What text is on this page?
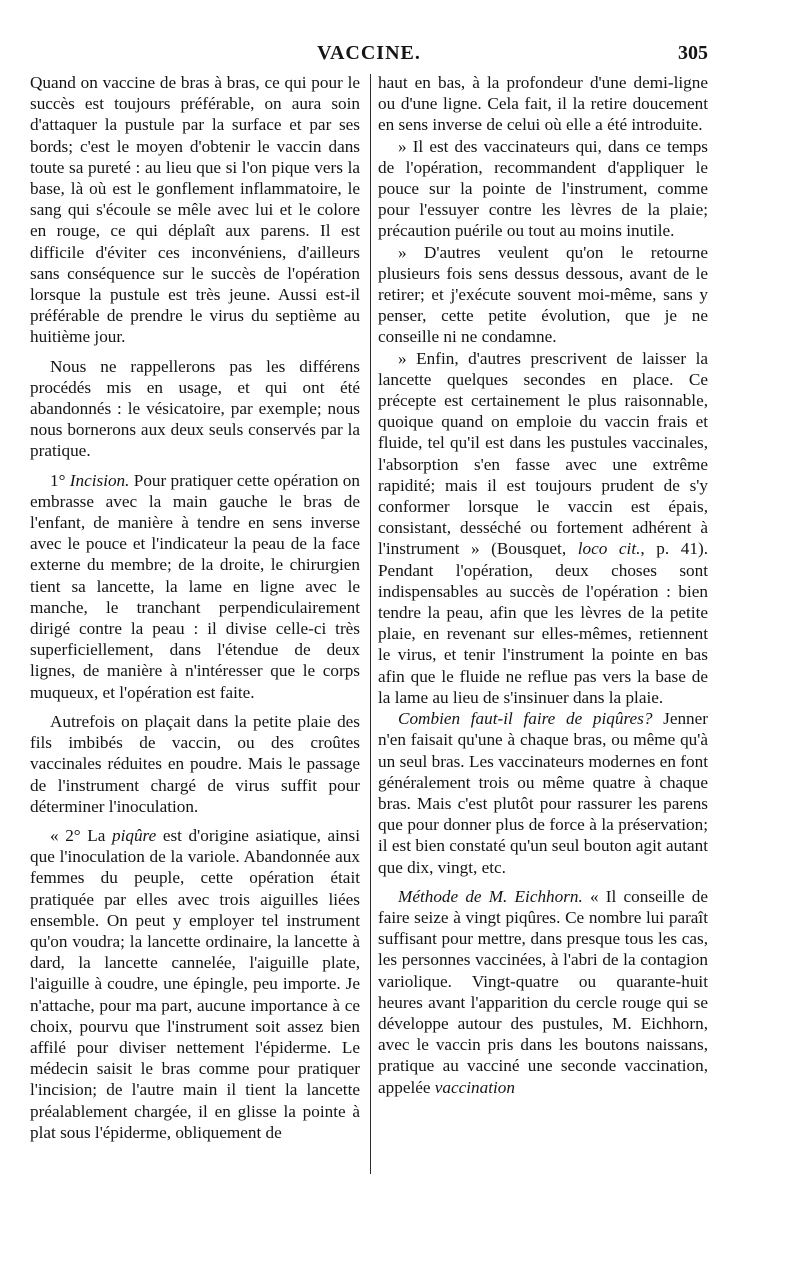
VACCINE.	305

Quand on vaccine de bras à bras, ce qui pour le succès est toujours préférable, on aura soin d'attaquer la pustule par la surface et par ses bords; c'est le moyen d'obtenir le vaccin dans toute sa pureté : au lieu que si l'on pique vers la base, là où est le gonflement inflammatoire, le sang qui s'écoule se mêle avec lui et le colore en rouge, ce qui déplaît aux parens. Il est difficile d'éviter ces inconvéniens, d'ailleurs sans conséquence sur le succès de l'opération lorsque la pustule est très jeune. Aussi est-il préférable de prendre le virus du septième au huitième jour.

Nous ne rappellerons pas les différens procédés mis en usage, et qui ont été abandonnés : le vésicatoire, par exemple; nous nous bornerons aux deux seuls conservés par la pratique.

1° Incision. Pour pratiquer cette opération on embrasse avec la main gauche le bras de l'enfant, de manière à tendre en sens inverse avec le pouce et l'indicateur la peau de la face externe du membre; de la droite, le chirurgien tient sa lancette, la lame en ligne avec le manche, le tranchant perpendiculairement dirigé contre la peau : il divise celle-ci très superficiellement, dans l'étendue de deux lignes, de manière à n'intéresser que le corps muqueux, et l'opération est faite.

Autrefois on plaçait dans la petite plaie des fils imbibés de vaccin, ou des croûtes vaccinales réduites en poudre. Mais le passage de l'instrument chargé de virus suffit pour déterminer l'inoculation.

« 2° La piqûre est d'origine asiatique, ainsi que l'inoculation de la variole. Abandonnée aux femmes du peuple, cette opération était pratiquée par elles avec trois aiguilles liées ensemble. On peut y employer tel instrument qu'on voudra; la lancette ordinaire, la lancette à dard, la lancette cannelée, l'aiguille plate, l'aiguille à coudre, une épingle, peu importe. Je n'attache, pour ma part, aucune importance à ce choix, pourvu que l'instrument soit assez bien affilé pour diviser nettement l'épiderme. Le médecin saisit le bras comme pour pratiquer l'incision; de l'autre main il tient la lancette préalablement chargée, il en glisse la pointe à plat sous l'épiderme, obliquement de

haut en bas, à la profondeur d'une demi-ligne ou d'une ligne. Cela fait, il la retire doucement en sens inverse de celui où elle a été introduite.

» Il est des vaccinateurs qui, dans ce temps de l'opération, recommandent d'appliquer le pouce sur la pointe de l'instrument, comme pour l'essuyer contre les lèvres de la plaie; précaution puérile ou tout au moins inutile.

» D'autres veulent qu'on le retourne plusieurs fois sens dessus dessous, avant de le retirer; et j'exécute souvent moi-même, sans y penser, cette petite évolution, que je ne conseille ni ne condamne.

» Enfin, d'autres prescrivent de laisser la lancette quelques secondes en place. Ce précepte est certainement le plus raisonnable, quoique quand on emploie du vaccin frais et fluide, tel qu'il est dans les pustules vaccinales, l'absorption s'en fasse avec une extrême rapidité; mais il est toujours prudent de s'y conformer lorsque le vaccin est épais, consistant, desséché ou fortement adhérent à l'instrument » (Bousquet, loco cit., p. 41). Pendant l'opération, deux choses sont indispensables au succès de l'opération : bien tendre la peau, afin que les lèvres de la petite plaie, en revenant sur elles-mêmes, retiennent le virus, et tenir l'instrument la pointe en bas afin que le fluide ne reflue pas vers la base de la lame au lieu de s'insinuer dans la plaie.

Combien faut-il faire de piqûres? Jenner n'en faisait qu'une à chaque bras, ou même qu'à un seul bras. Les vaccinateurs modernes en font généralement trois ou même quatre à chaque bras. Mais c'est plutôt pour rassurer les parens que pour donner plus de force à la préservation; il est bien constaté qu'un seul bouton agit autant que dix, vingt, etc.

Méthode de M. Eichhorn. « Il conseille de faire seize à vingt piqûres. Ce nombre lui paraît suffisant pour mettre, dans presque tous les cas, les personnes vaccinées, à l'abri de la contagion variolique. Vingt-quatre ou quarante-huit heures avant l'apparition du cercle rouge qui se développe autour des pustules, M. Eichhorn, avec le vaccin pris dans les boutons naissans, pratique au vacciné une seconde vaccination, appelée vaccination
